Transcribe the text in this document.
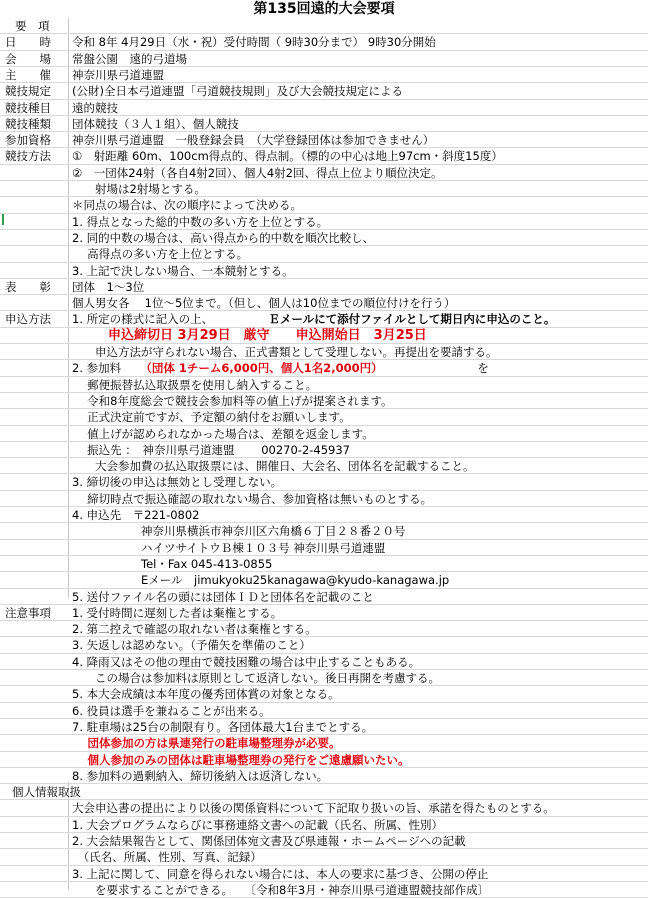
第135回遠的大会要項
要　項
日　　時 令和 8年 4月29日（水・祝）受付時間（ 9時30分まで） 9時30分開始
会　　場 常盤公園　遠的弓道場
主　　催 神奈川県弓道連盟
競技規定 (公財)全日本弓道連盟「弓道競技規則」及び大会競技規定による
競技種目 遠的競技
競技種類 団体競技（３人１組）、個人競技
参加資格 神奈川県弓道連盟　一般登録会員　（大学登録団体は参加できません）
競技方法 ①　射距離 60m、100cm得点的、得点制。（標的の中心は地上97cm・斜度15度）
②　一団体24射（各自4射2回）、個人4射2回、得点上位より順位決定。
　　射場は2射場とする。
＊同点の場合は、次の順序によって決める。
1. 得点となった総的中数の多い方を上位とする。
2. 同的中数の場合は、高い得点から的中数を順次比較し、
　 高得点の多い方を上位とする。
3. 上記で決しない場合、一本競射とする。
表　　彰 団体　1～3位
個人男女各　 1位～5位まで。（但し、個人は10位までの順位付けを行う）
申込方法 1. 所定の様式に記入の上、	Ｅメールにて添付ファイルとして期日内に申込のこと。
申込締切日 3月29日　厳守　　申込開始日　3月25日
　　申込方法が守られない場合、正式書類として受理しない。再提出を要請する。
2. 参加料 （団体 1チーム6,000円、個人1名2,000円）	を
　 郵便振替払込取扱票を使用し納入すること。
　 令和8年度総会で競技会参加料等の値上げが提案されます。
　 正式決定前ですが、予定額の納付をお願いします。
　 値上げが認められなかった場合は、差額を返金します。
　 振込先 ：　神奈川県弓道連盟　　 00270-2-45937
　　大会参加費の払込取扱票には、開催日、大会名、団体名を記載すること。
3. 締切後の申込は無効とし受理しない。
　 締切時点で振込確認の取れない場合、参加資格は無いものとする。
4. 申込先　〒221-0802
　　　　　　神奈川県横浜市神奈川区六角橋６丁目２８番２０号
　　　　　　ハイツサイトウＢ棟１０３号 神奈川県弓道連盟
　　　　　　Tel・Fax 045-413-0855
　　　　　　Eメール　jimukyoku25kanagawa@kyudo-kanagawa.jp
5. 送付ファイル名の頭には団体ＩＤと団体名を記載のこと
注意事項 1. 受付時間に遅刻した者は棄権とする。
2. 第二控えで確認の取れない者は棄権とする。
3. 矢返しは認めない。（予備矢を準備のこと）
4. 降雨又はその他の理由で競技困難の場合は中止することもある。
　　この場合は参加料は原則として返済しない。後日再開を考慮する。
5. 本大会成績は本年度の優秀団体賞の対象となる。
6. 役員は選手を兼ねることが出来る。
7. 駐車場は25台の制限有り。各団体最大1台までとする。
　 団体参加の方は県連発行の駐車場整理券が必要。
　 個人参加のみの団体は駐車場整理券の発行をご遠慮願いたい。
8. 参加料の過剰納入、締切後納入は返済しない。
個人情報取扱
大会申込書の提出により以後の関係資料について下記取り扱いの旨、承諾を得たものとする。
1. 大会プログラムならびに事務連絡文書への記載（氏名、所属、性別）
2. 大会結果報告として、関係団体宛文書及び県連報・ホームページへの記載
　（氏名、所属、性別、写真、記録）
3. 上記に関して、同意を得られない場合には、本人の要求に基づき、公開の停止
　　を要求することができる。　　〔令和8年3月・神奈川県弓道連盟競技部作成〕
